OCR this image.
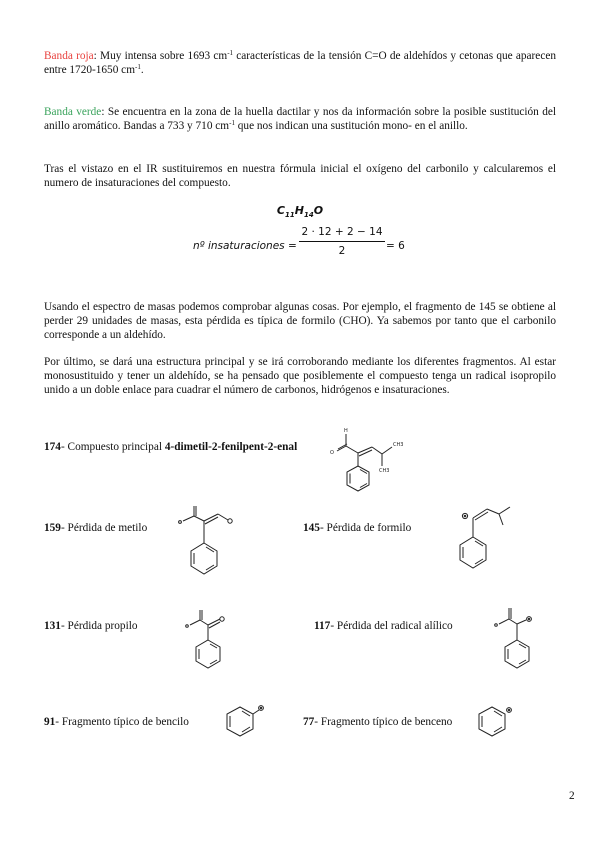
Banda roja: Muy intensa sobre 1693 $cm^{-1}$ características de la tensión C=O de aldehídos y cetonas que aparecen entre 1720-1650 $cm^{-1}$.

Banda verde: Se encuentra en la zona de la huella dactilar y nos da información sobre la posible sustitución del anillo aromático. Bandas a 733 y 710 $cm^{-1}$ que nos indican una sustitución mono- en el anillo.

Tras el vistazo en el IR sustituiremos en nuestra fórmula inicial el oxígeno del carbonilo y calcularemos el numero de insaturaciones del compuesto.

$C_{11}H_{14}O$
nº insaturaciones = $\frac{2 \cdot 12 + 2 - 14}{2} = 6$

Usando el espectro de masas podemos comprobar algunas cosas. Por ejemplo, el fragmento de 145 se obtiene al perder 29 unidades de masas, esta pérdida es típica de formilo (CHO). Ya sabemos por tanto que el carbonilo corresponde a un aldehído.

Por último, se dará una estructura principal y se irá corroborando mediante los diferentes fragmentos. Al estar monosustituido y tener un aldehído, se ha pensado que posiblemente el compuesto tenga un radical isopropilo unido a un doble enlace para cuadrar el número de carbonos, hidrógenos e insaturaciones.

174- Compuesto principal 4-dimetil-2-fenilpent-2-enal
H
O
CH3
CH3
159- Pérdida de metilo	145- Pérdida de formilo
131- Pérdida propilo	117- Pérdida del radical alílico
91- Fragmento típico de bencilo	77- Fragmento típico de benceno
2
